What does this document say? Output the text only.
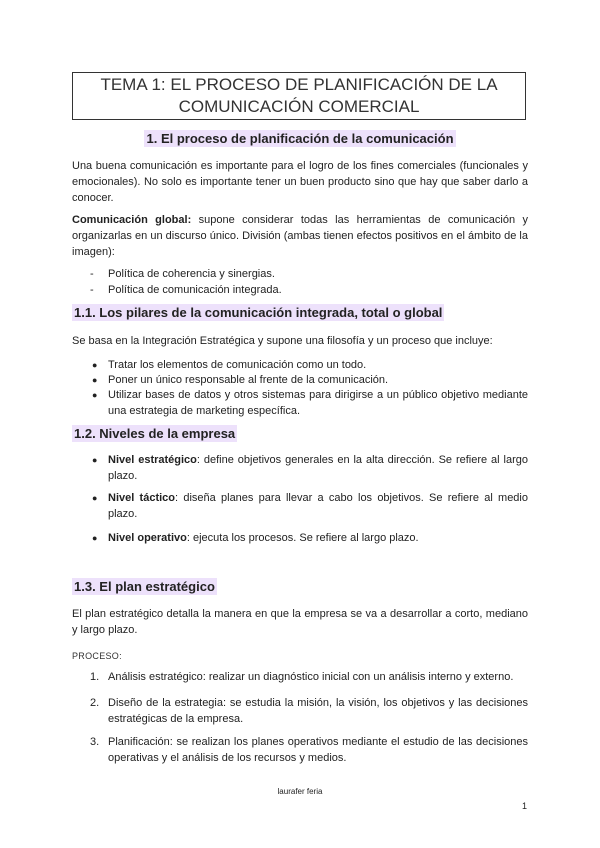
TEMA 1: EL PROCESO DE PLANIFICACIÓN DE LA
COMUNICACIÓN COMERCIAL
1. El proceso de planificación de la comunicación
Una buena comunicación es importante para el logro de los fines comerciales (funcionales y emocionales). No solo es importante tener un buen producto sino que hay que saber darlo a conocer.
Comunicación global: supone considerar todas las herramientas de comunicación y organizarlas en un discurso único. División (ambas tienen efectos positivos en el ámbito de la imagen):
- Política de coherencia y sinergias.
- Política de comunicación integrada.
1.1. Los pilares de la comunicación integrada, total o global
Se basa en la Integración Estratégica y supone una filosofía y un proceso que incluye:
● Tratar los elementos de comunicación como un todo.
● Poner un único responsable al frente de la comunicación.
● Utilizar bases de datos y otros sistemas para dirigirse a un público objetivo mediante una estrategia de marketing específica.
1.2. Niveles de la empresa
● Nivel estratégico: define objetivos generales en la alta dirección. Se refiere al largo plazo.
● Nivel táctico: diseña planes para llevar a cabo los objetivos. Se refiere al medio plazo.
● Nivel operativo: ejecuta los procesos. Se refiere al largo plazo.
1.3. El plan estratégico
El plan estratégico detalla la manera en que la empresa se va a desarrollar a corto, mediano y largo plazo.
PROCESO:
1. Análisis estratégico: realizar un diagnóstico inicial con un análisis interno y externo.
2. Diseño de la estrategia: se estudia la misión, la visión, los objetivos y las decisiones estratégicas de la empresa.
3. Planificación: se realizan los planes operativos mediante el estudio de las decisiones operativas y el análisis de los recursos y medios.
laurafer feria
1
